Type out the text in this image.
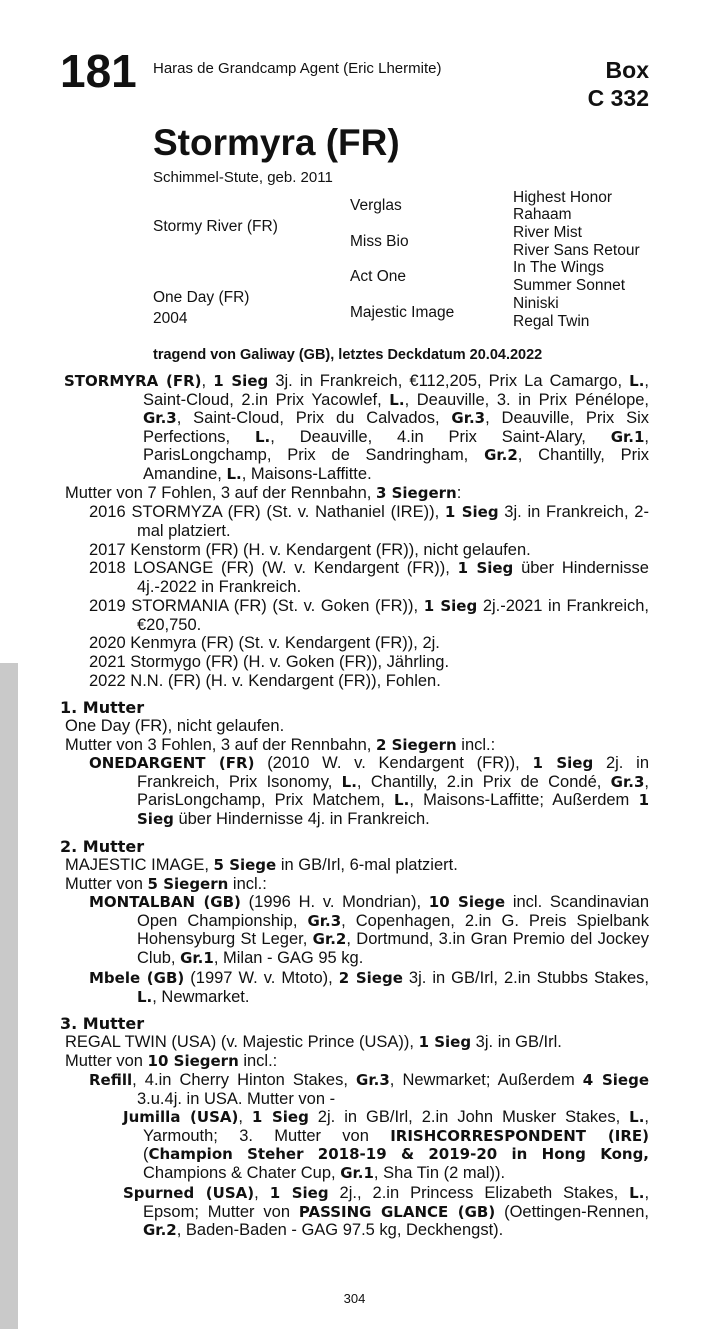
181 Haras de Grandcamp Agent (Eric Lhermite)	Box
C 332
Stormyra (FR)
Schimmel-Stute, geb. 2011
Stormy River (FR)
One Day (FR)
2004
Verglas
Miss Bio
Act One
Majestic Image
Highest Honor
Rahaam
River Mist
River Sans Retour
In The Wings
Summer Sonnet
Niniski
Regal Twin
tragend von Galiway (GB), letztes Deckdatum 20.04.2022
STORMYRA (FR), 1 Sieg 3j. in Frankreich, €112,205, Prix La Camargo, L., Saint-Cloud, 2.in Prix Yacowlef, L., Deauville, 3. in Prix Pénélope, Gr.3, Saint-Cloud, Prix du Calvados, Gr.3, Deauville, Prix Six Perfections, L., Deauville, 4.in Prix Saint-Alary, Gr.1, ParisLongchamp, Prix de Sandringham, Gr.2, Chantilly, Prix Amandine, L., Maisons-Laffitte.
Mutter von 7 Fohlen, 3 auf der Rennbahn, 3 Siegern:
2016 STORMYZA (FR) (St. v. Nathaniel (IRE)), 1 Sieg 3j. in Frankreich, 2-mal platziert.
2017 Kenstorm (FR) (H. v. Kendargent (FR)), nicht gelaufen.
2018 LOSANGE (FR) (W. v. Kendargent (FR)), 1 Sieg über Hindernisse 4j.-2022 in Frankreich.
2019 STORMANIA (FR) (St. v. Goken (FR)), 1 Sieg 2j.-2021 in Frankreich, €20,750.
2020 Kenmyra (FR) (St. v. Kendargent (FR)), 2j.
2021 Stormygo (FR) (H. v. Goken (FR)), Jährling.
2022 N.N. (FR) (H. v. Kendargent (FR)), Fohlen.
1. Mutter
One Day (FR), nicht gelaufen.
Mutter von 3 Fohlen, 3 auf der Rennbahn, 2 Siegern incl.:
ONEDARGENT (FR) (2010 W. v. Kendargent (FR)), 1 Sieg 2j. in Frankreich, Prix Isonomy, L., Chantilly, 2.in Prix de Condé, Gr.3, ParisLongchamp, Prix Matchem, L., Maisons-Laffitte; Außerdem 1 Sieg über Hindernisse 4j. in Frankreich.
2. Mutter
MAJESTIC IMAGE, 5 Siege in GB/Irl, 6-mal platziert.
Mutter von 5 Siegern incl.:
MONTALBAN (GB) (1996 H. v. Mondrian), 10 Siege incl. Scandinavian Open Championship, Gr.3, Copenhagen, 2.in G. Preis Spielbank Hohensyburg St Leger, Gr.2, Dortmund, 3.in Gran Premio del Jockey Club, Gr.1, Milan - GAG 95 kg.
Mbele (GB) (1997 W. v. Mtoto), 2 Siege 3j. in GB/Irl, 2.in Stubbs Stakes, L., Newmarket.
3. Mutter
REGAL TWIN (USA) (v. Majestic Prince (USA)), 1 Sieg 3j. in GB/Irl.
Mutter von 10 Siegern incl.:
Refill, 4.in Cherry Hinton Stakes, Gr.3, Newmarket; Außerdem 4 Siege 3.u.4j. in USA. Mutter von -
Jumilla (USA), 1 Sieg 2j. in GB/Irl, 2.in John Musker Stakes, L., Yarmouth; 3. Mutter von IRISHCORRESPONDENT (IRE) (Champion Steher 2018-19 & 2019-20 in Hong Kong, Champions & Chater Cup, Gr.1, Sha Tin (2 mal)).
Spurned (USA), 1 Sieg 2j., 2.in Princess Elizabeth Stakes, L., Epsom; Mutter von PASSING GLANCE (GB) (Oettingen-Rennen, Gr.2, Baden-Baden - GAG 97.5 kg, Deckhengst).
304
